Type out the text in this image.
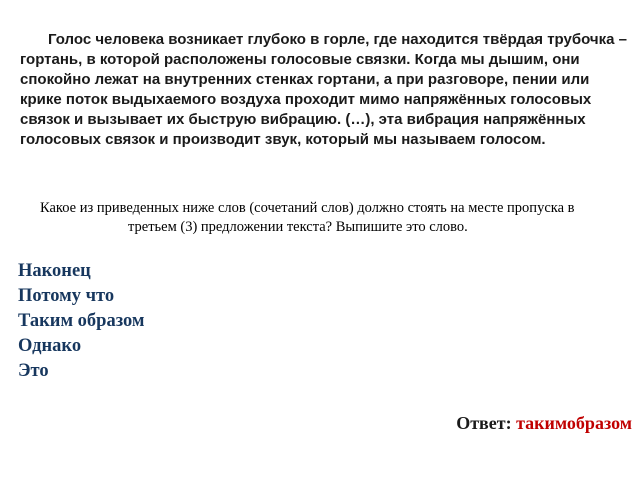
Голос человека возникает глубоко в горле, где находится твёрдая трубочка – гортань, в которой расположены голосовые связки. Когда мы дышим, они спокойно лежат на внутренних стенках гортани, а при разговоре, пении или крике поток выдыхаемого воздуха проходит мимо напряжённых голосовых связок и вызывает их быструю вибрацию. (…), эта вибрация напряжённых голосовых связок и производит звук, который мы называем голосом.

Какое из приведенных ниже слов (сочетаний слов) должно стоять на месте пропуска в
третьем (3) предложении текста? Выпишите это слово.

Наконец
Потому что
Таким образом
Однако
Это
Ответ: такимобразом
